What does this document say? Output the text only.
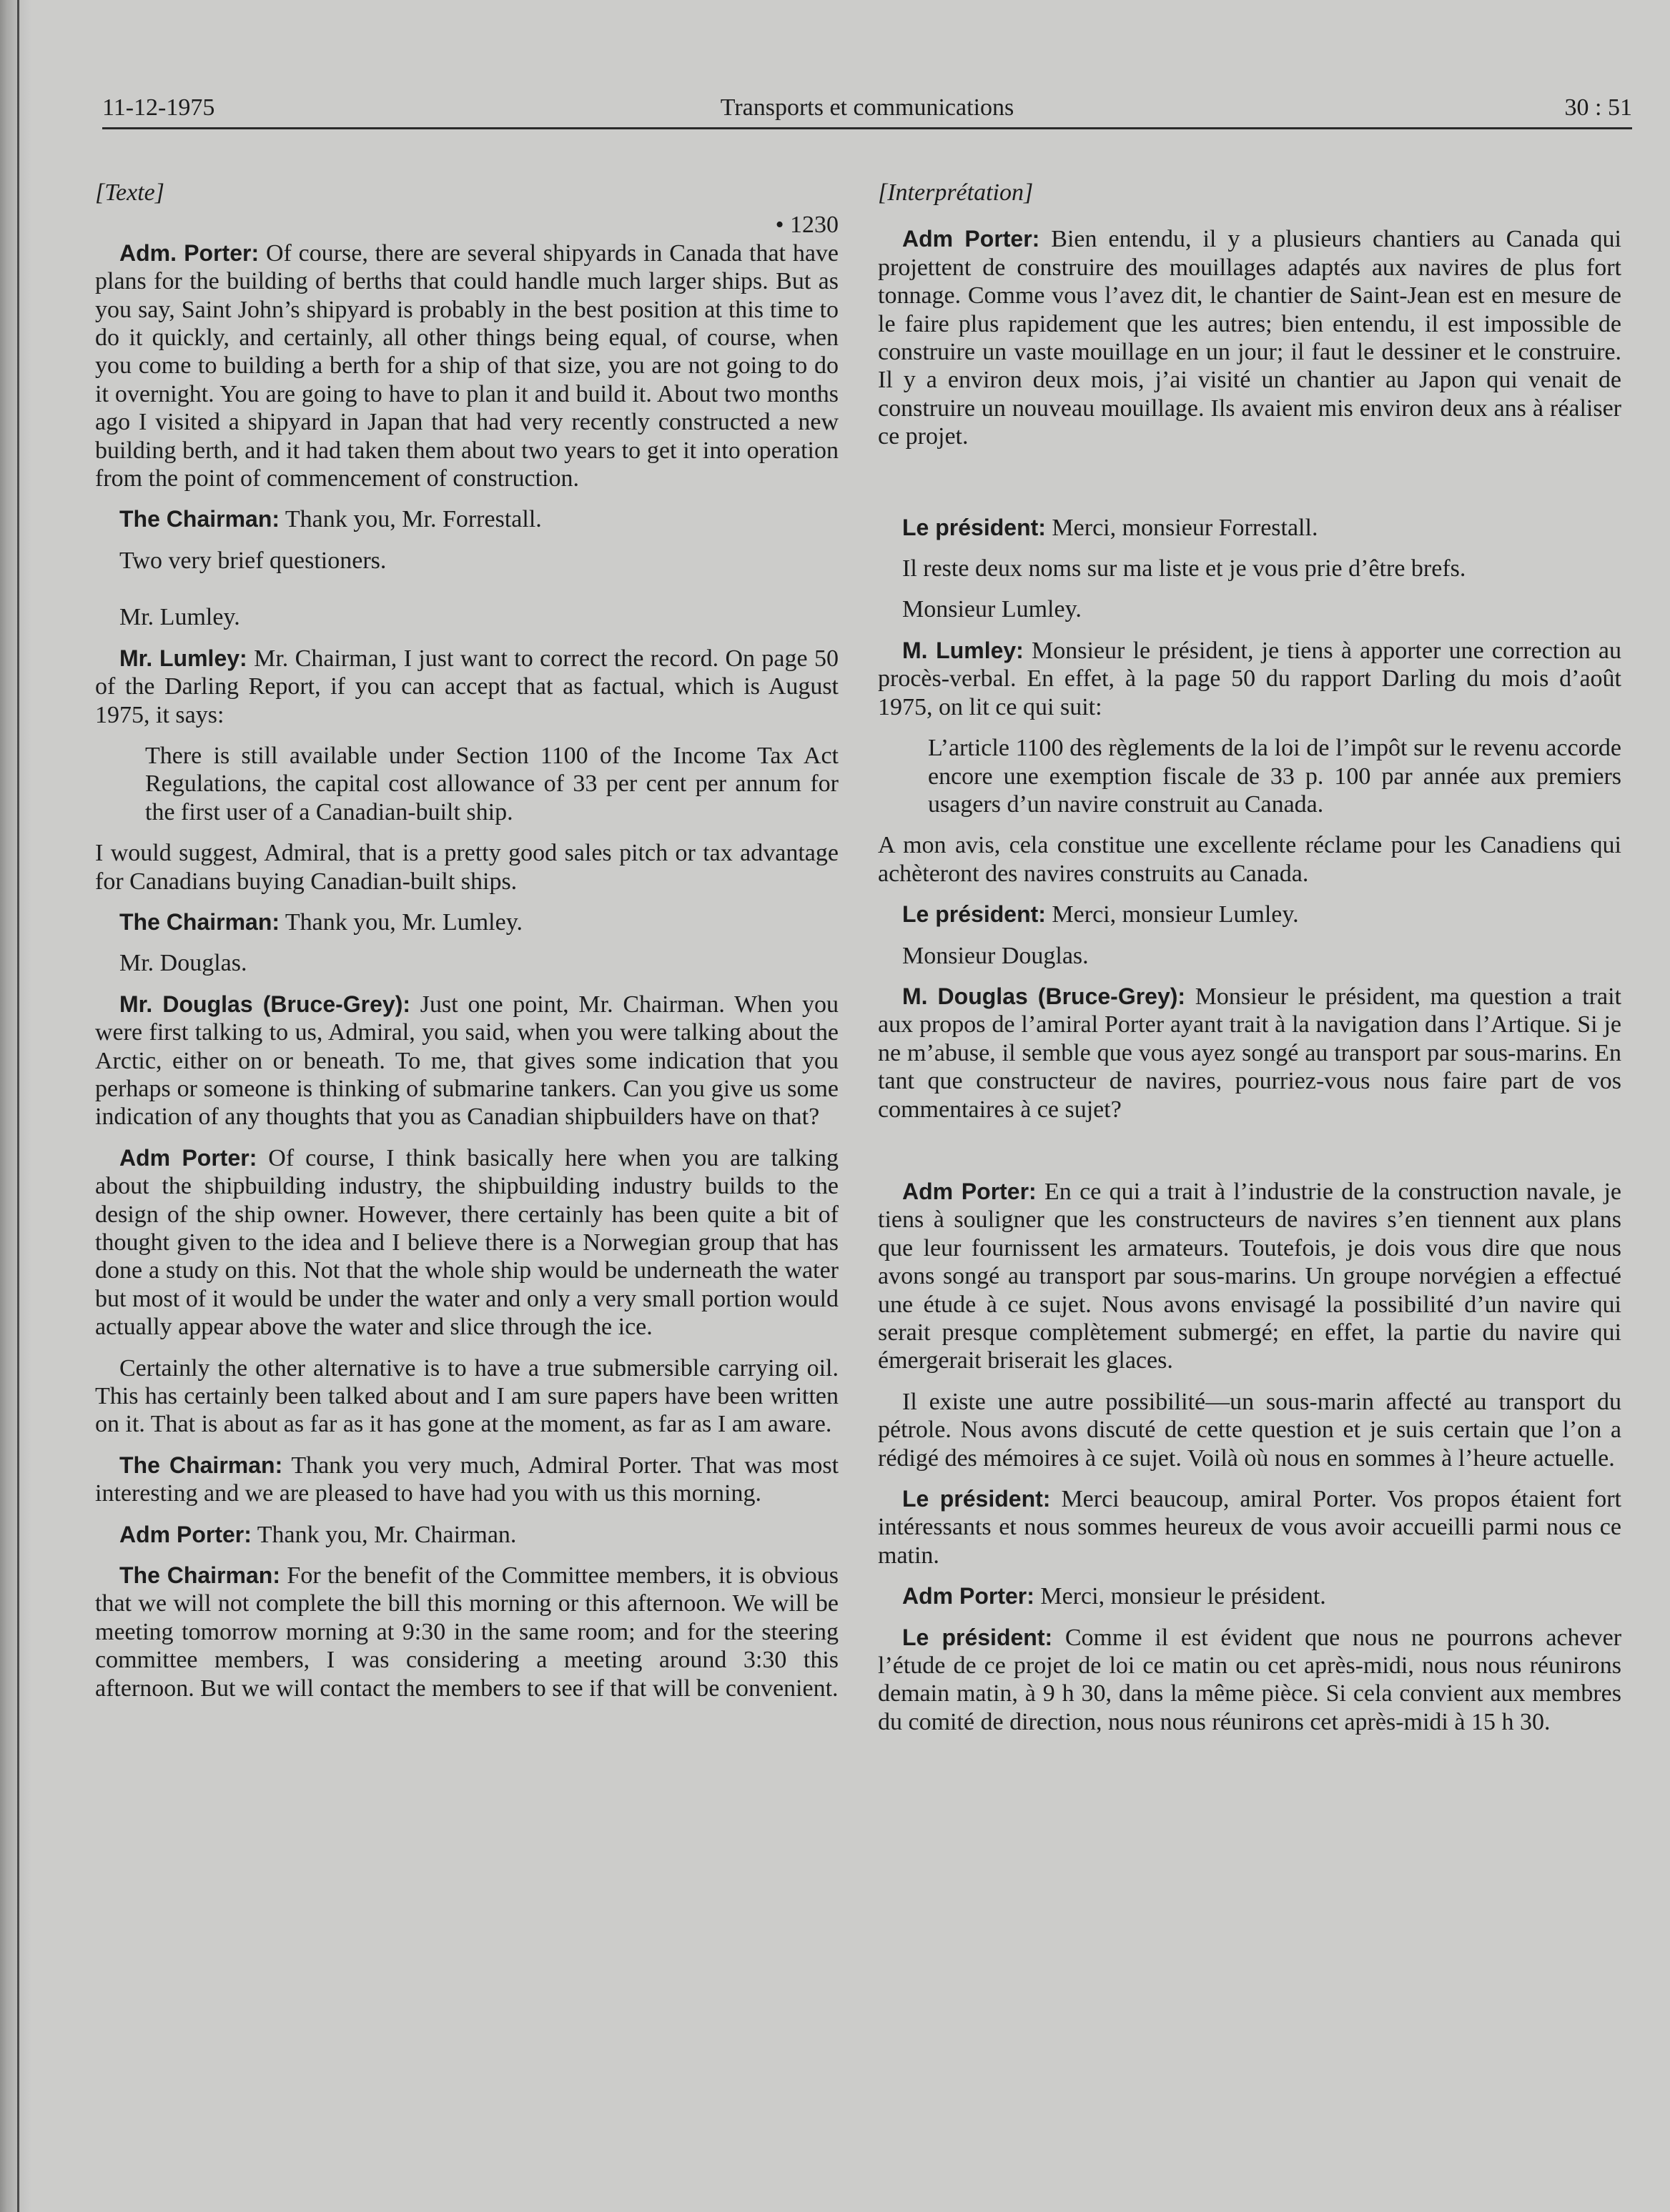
11-12-1975	Transports et communications	30 : 51

[Texte]

• 1230

Adm. Porter: Of course, there are several shipyards in Canada that have plans for the building of berths that could handle much larger ships. But as you say, Saint John’s shipyard is probably in the best position at this time to do it quickly, and certainly, all other things being equal, of course, when you come to building a berth for a ship of that size, you are not going to do it overnight. You are going to have to plan it and build it. About two months ago I visited a shipyard in Japan that had very recently constructed a new building berth, and it had taken them about two years to get it into operation from the point of commencement of construction.

The Chairman: Thank you, Mr. Forrestall.

Two very brief questioners.

Mr. Lumley.

Mr. Lumley: Mr. Chairman, I just want to correct the record. On page 50 of the Darling Report, if you can accept that as factual, which is August 1975, it says:

There is still available under Section 1100 of the Income Tax Act Regulations, the capital cost allowance of 33 per cent per annum for the first user of a Canadian-built ship.

I would suggest, Admiral, that is a pretty good sales pitch or tax advantage for Canadians buying Canadian-built ships.

The Chairman: Thank you, Mr. Lumley.

Mr. Douglas.

Mr. Douglas (Bruce-Grey): Just one point, Mr. Chairman. When you were first talking to us, Admiral, you said, when you were talking about the Arctic, either on or beneath. To me, that gives some indication that you perhaps or someone is thinking of submarine tankers. Can you give us some indication of any thoughts that you as Canadian shipbuilders have on that?

Adm Porter: Of course, I think basically here when you are talking about the shipbuilding industry, the shipbuilding industry builds to the design of the ship owner. However, there certainly has been quite a bit of thought given to the idea and I believe there is a Norwegian group that has done a study on this. Not that the whole ship would be underneath the water but most of it would be under the water and only a very small portion would actually appear above the water and slice through the ice.

Certainly the other alternative is to have a true submersible carrying oil. This has certainly been talked about and I am sure papers have been written on it. That is about as far as it has gone at the moment, as far as I am aware.

The Chairman: Thank you very much, Admiral Porter. That was most interesting and we are pleased to have had you with us this morning.

Adm Porter: Thank you, Mr. Chairman.

The Chairman: For the benefit of the Committee members, it is obvious that we will not complete the bill this morning or this afternoon. We will be meeting tomorrow morning at 9:30 in the same room; and for the steering committee members, I was considering a meeting around 3:30 this afternoon. But we will contact the members to see if that will be convenient.

[Interprétation]

Adm Porter: Bien entendu, il y a plusieurs chantiers au Canada qui projettent de construire des mouillages adaptés aux navires de plus fort tonnage. Comme vous l’avez dit, le chantier de Saint-Jean est en mesure de le faire plus rapidement que les autres; bien entendu, il est impossible de construire un vaste mouillage en un jour; il faut le dessiner et le construire. Il y a environ deux mois, j’ai visité un chantier au Japon qui venait de construire un nouveau mouillage. Ils avaient mis environ deux ans à réaliser ce projet.

Le président: Merci, monsieur Forrestall.

Il reste deux noms sur ma liste et je vous prie d’être brefs.

Monsieur Lumley.

M. Lumley: Monsieur le président, je tiens à apporter une correction au procès-verbal. En effet, à la page 50 du rapport Darling du mois d’août 1975, on lit ce qui suit:

L’article 1100 des règlements de la loi de l’impôt sur le revenu accorde encore une exemption fiscale de 33 p. 100 par année aux premiers usagers d’un navire construit au Canada.

A mon avis, cela constitue une excellente réclame pour les Canadiens qui achèteront des navires construits au Canada.

Le président: Merci, monsieur Lumley.

Monsieur Douglas.

M. Douglas (Bruce-Grey): Monsieur le président, ma question a trait aux propos de l’amiral Porter ayant trait à la navigation dans l’Artique. Si je ne m’abuse, il semble que vous ayez songé au transport par sous-marins. En tant que constructeur de navires, pourriez-vous nous faire part de vos commentaires à ce sujet?

Adm Porter: En ce qui a trait à l’industrie de la construction navale, je tiens à souligner que les constructeurs de navires s’en tiennent aux plans que leur fournissent les armateurs. Toutefois, je dois vous dire que nous avons songé au transport par sous-marins. Un groupe norvégien a effectué une étude à ce sujet. Nous avons envisagé la possibilité d’un navire qui serait presque complètement submergé; en effet, la partie du navire qui émergerait briserait les glaces.

Il existe une autre possibilité—un sous-marin affecté au transport du pétrole. Nous avons discuté de cette question et je suis certain que l’on a rédigé des mémoires à ce sujet. Voilà où nous en sommes à l’heure actuelle.

Le président: Merci beaucoup, amiral Porter. Vos propos étaient fort intéressants et nous sommes heureux de vous avoir accueilli parmi nous ce matin.

Adm Porter: Merci, monsieur le président.

Le président: Comme il est évident que nous ne pourrons achever l’étude de ce projet de loi ce matin ou cet après-midi, nous nous réunirons demain matin, à 9 h 30, dans la même pièce. Si cela convient aux membres du comité de direction, nous nous réunirons cet après-midi à 15 h 30.
